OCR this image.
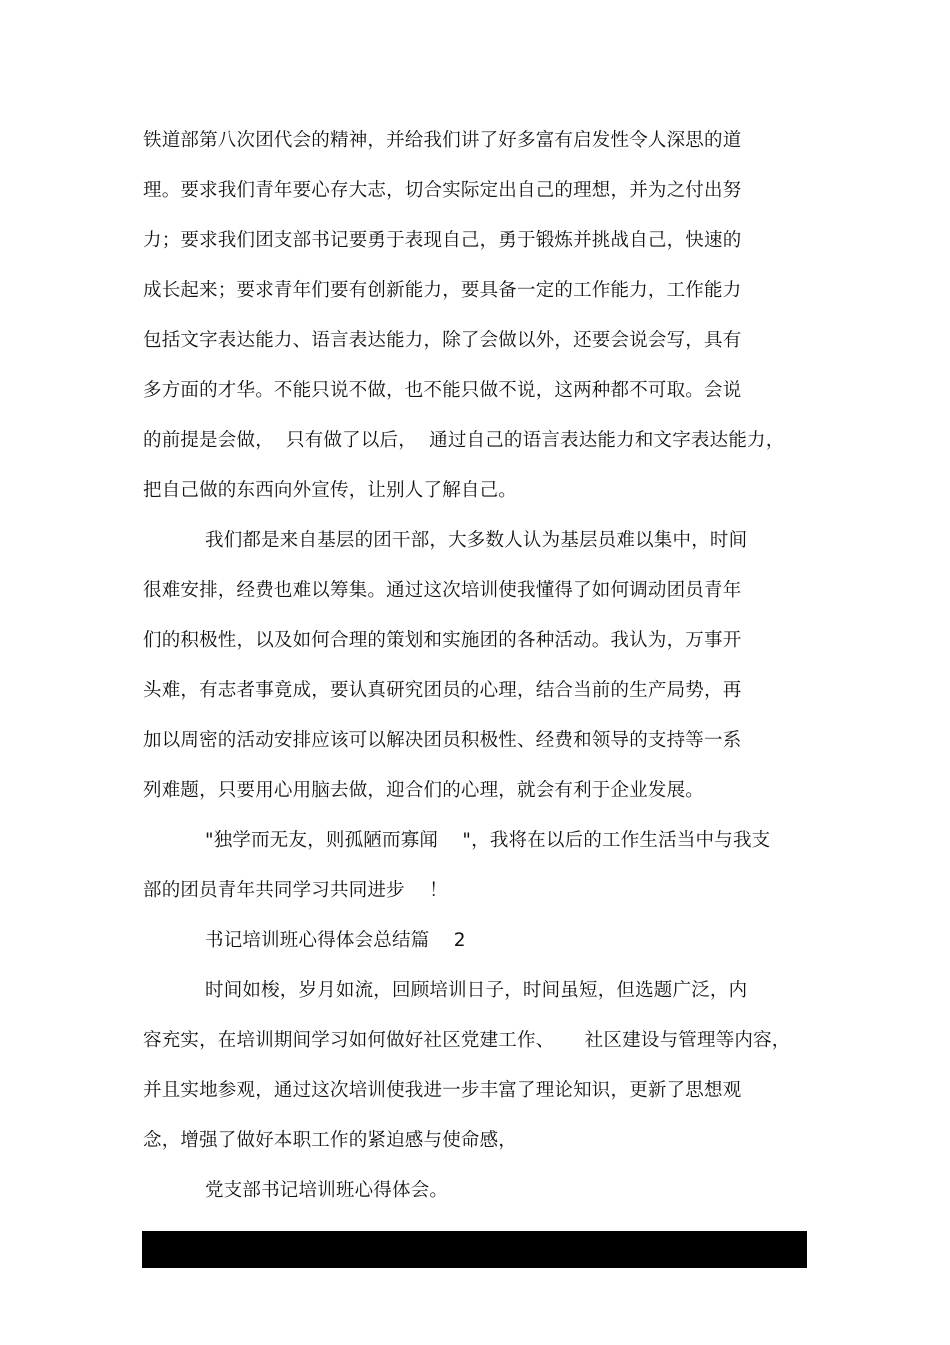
铁道部第八次团代会的精神，并给我们讲了好多富有启发性令人深思的道
理。要求我们青年要心存大志，切合实际定出自己的理想，并为之付出努
力；要求我们团支部书记要勇于表现自己，勇于锻炼并挑战自己，快速的
成长起来；要求青年们要有创新能力，要具备一定的工作能力，工作能力
包括文字表达能力、语言表达能力，除了会做以外，还要会说会写，具有
多方面的才华。不能只说不做，也不能只做不说，这两种都不可取。会说
的前提是会做，  只有做了以后，  通过自己的语言表达能力和文字表达能力，
把自己做的东西向外宣传，让别人了解自己。
我们都是来自基层的团干部，大多数人认为基层员难以集中，时间
很难安排，经费也难以筹集。通过这次培训使我懂得了如何调动团员青年
们的积极性，以及如何合理的策划和实施团的各种活动。我认为，万事开
头难，有志者事竟成，要认真研究团员的心理，结合当前的生产局势，再
加以周密的活动安排应该可以解决团员积极性、经费和领导的支持等一系
列难题，只要用心用脑去做，迎合们的心理，就会有利于企业发展。
"独学而无友，则孤陋而寡闻    "，我将在以后的工作生活当中与我支
部的团员青年共同学习共同进步    ！
书记培训班心得体会总结篇    2
时间如梭，岁月如流，回顾培训日子，时间虽短，但选题广泛，内
容充实，在培训期间学习如何做好社区党建工作、     社区建设与管理等内容，
并且实地参观，通过这次培训使我进一步丰富了理论知识，更新了思想观
念，增强了做好本职工作的紧迫感与使命感，
党支部书记培训班心得体会。
